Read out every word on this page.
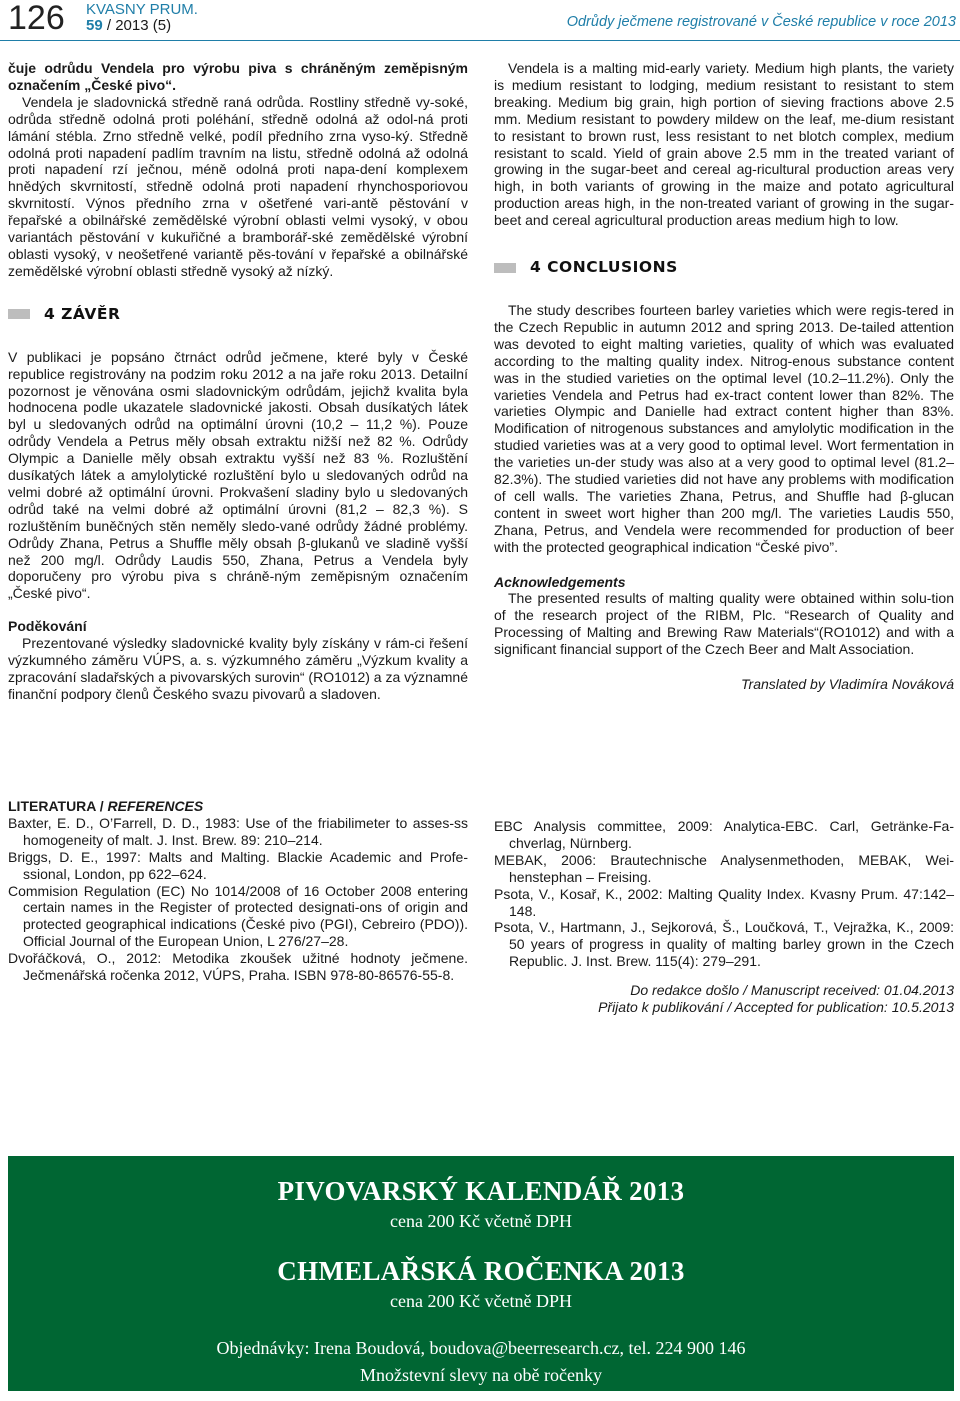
126 KVASNY PRUM.
59 / 2013 (5)	Odrůdy ječmene registrované v České republice v roce 2013

čuje odrůdu Vendela pro výrobu piva s chráněným zeměpisným označením „České pivo“.

Vendela je sladovnická středně raná odrůda. Rostliny středně vy-soké, odrůda středně odolná proti poléhání, středně odolná až odol-ná proti lámání stébla. Zrno středně velké, podíl předního zrna vyso-ký. Středně odolná proti napadení padlím travním na listu, středně odolná až odolná proti napadení rzí ječnou, méně odolná proti napa-dení komplexem hnědých skvrnitostí, středně odolná proti napadení rhynchosporiovou skvrnitostí. Výnos předního zrna v ošetřené vari-antě pěstování v řepařské a obilnářské zemědělské výrobní oblasti velmi vysoký, v obou variantách pěstování v kukuřičné a bramborář-ské zemědělské výrobní oblasti vysoký, v neošetřené variantě pěs-tování v řepařské a obilnářské zemědělské výrobní oblasti středně vysoký až nízký.

4 ZÁVĚR

V publikaci je popsáno čtrnáct odrůd ječmene, které byly v České republice registrovány na podzim roku 2012 a na jaře roku 2013. Detailní pozornost je věnována osmi sladovnickým odrůdám, jejichž kvalita byla hodnocena podle ukazatele sladovnické jakosti. Obsah dusíkatých látek byl u sledovaných odrůd na optimální úrovni (10,2 – 11,2 %). Pouze odrůdy Vendela a Petrus měly obsah extraktu nižší než 82 %. Odrůdy Olympic a Danielle měly obsah extraktu vyšší než 83 %. Rozluštění dusíkatých látek a amylolytické rozluštění bylo u sledovaných odrůd na velmi dobré až optimální úrovni. Prokvašení sladiny bylo u sledovaných odrůd také na velmi dobré až optimální úrovni (81,2 – 82,3 %). S rozluštěním buněčných stěn neměly sledo-vané odrůdy žádné problémy. Odrůdy Zhana, Petrus a Shuffle měly obsah β-glukanů ve sladině vyšší než 200 mg/l. Odrůdy Laudis 550, Zhana, Petrus a Vendela byly doporučeny pro výrobu piva s chráně-ným zeměpisným označením „České pivo“.

Poděkování

Prezentované výsledky sladovnické kvality byly získány v rám-ci řešení výzkumného záměru VÚPS, a. s. výzkumného záměru „Výzkum kvality a zpracování sladařských a pivovarských surovin“ (RO1012) a za významné finanční podpory členů Českého svazu pivovarů a sladoven.

Vendela is a malting mid-early variety. Medium high plants, the variety is medium resistant to lodging, medium resistant to resistant to stem breaking. Medium big grain, high portion of sieving fractions above 2.5 mm. Medium resistant to powdery mildew on the leaf, me-dium resistant to resistant to brown rust, less resistant to net blotch complex, medium resistant to scald. Yield of grain above 2.5 mm in the treated variant of growing in the sugar-beet and cereal ag-ricultural production areas very high, in both variants of growing in the maize and potato agricultural production areas high, in the non-treated variant of growing in the sugar-beet and cereal agricultural production areas medium high to low.

4 CONCLUSIONS

The study describes fourteen barley varieties which were regis-tered in the Czech Republic in autumn 2012 and spring 2013. De-tailed attention was devoted to eight malting varieties, quality of which was evaluated according to the malting quality index. Nitrog-enous substance content was in the studied varieties on the optimal level (10.2–11.2%). Only the varieties Vendela and Petrus had ex-tract content lower than 82%. The varieties Olympic and Danielle had extract content higher than 83%. Modification of nitrogenous substances and amylolytic modification in the studied varieties was at a very good to optimal level. Wort fermentation in the varieties un-der study was also at a very good to optimal level (81.2–82.3%). The studied varieties did not have any problems with modification of cell walls. The varieties Zhana, Petrus, and Shuffle had β-glucan content in sweet wort higher than 200 mg/l. The varieties Laudis 550, Zhana, Petrus, and Vendela were recommended for production of beer with the protected geographical indication “České pivo”.

Acknowledgements

The presented results of malting quality were obtained within solu-tion of the research project of the RIBM, Plc. “Research of Quality and Processing of Malting and Brewing Raw Materials“(RO1012) and with a significant financial support of the Czech Beer and Malt Association.

Translated by Vladimíra Nováková
LITERATURA / REFERENCES
Baxter, E. D., O’Farrell, D. D., 1983: Use of the friabilimeter to asses-ss homogeneity of malt. J. Inst. Brew. 89: 210–214.
Briggs, D. E., 1997: Malts and Malting. Blackie Academic and Profe-ssional, London, pp 622–624.
Commision Regulation (EC) No 1014/2008 of 16 October 2008 entering certain names in the Register of protected designati-ons of origin and protected geographical indications (České pivo (PGI), Cebreiro (PDO)). Official Journal of the European Union, L 276/27–28.
Dvořáčková, O., 2012: Metodika zkoušek užitné hodnoty ječmene. Ječmenářská ročenka 2012, VÚPS, Praha. ISBN 978-80-86576-55-8.
EBC Analysis committee, 2009: Analytica-EBC. Carl, Getränke-Fa-chverlag, Nürnberg.
MEBAK, 2006: Brautechnische Analysenmethoden, MEBAK, Wei-henstephan – Freising.
Psota, V., Kosař, K., 2002: Malting Quality Index. Kvasny Prum. 47:142–148.
Psota, V., Hartmann, J., Sejkorová, Š., Loučková, T., Vejražka, K., 2009: 50 years of progress in quality of malting barley grown in the Czech Republic. J. Inst. Brew. 115(4): 279–291.
Do redakce došlo / Manuscript received: 01.04.2013
Přijato k publikování / Accepted for publication: 10.5.2013
PIVOVARSKÝ KALENDÁŘ 2013
cena 200 Kč včetně DPH
CHMELAŘSKÁ ROČENKA 2013
cena 200 Kč včetně DPH
Objednávky: Irena Boudová, boudova@beerresearch.cz, tel. 224 900 146
Množstevní slevy na obě ročenky
